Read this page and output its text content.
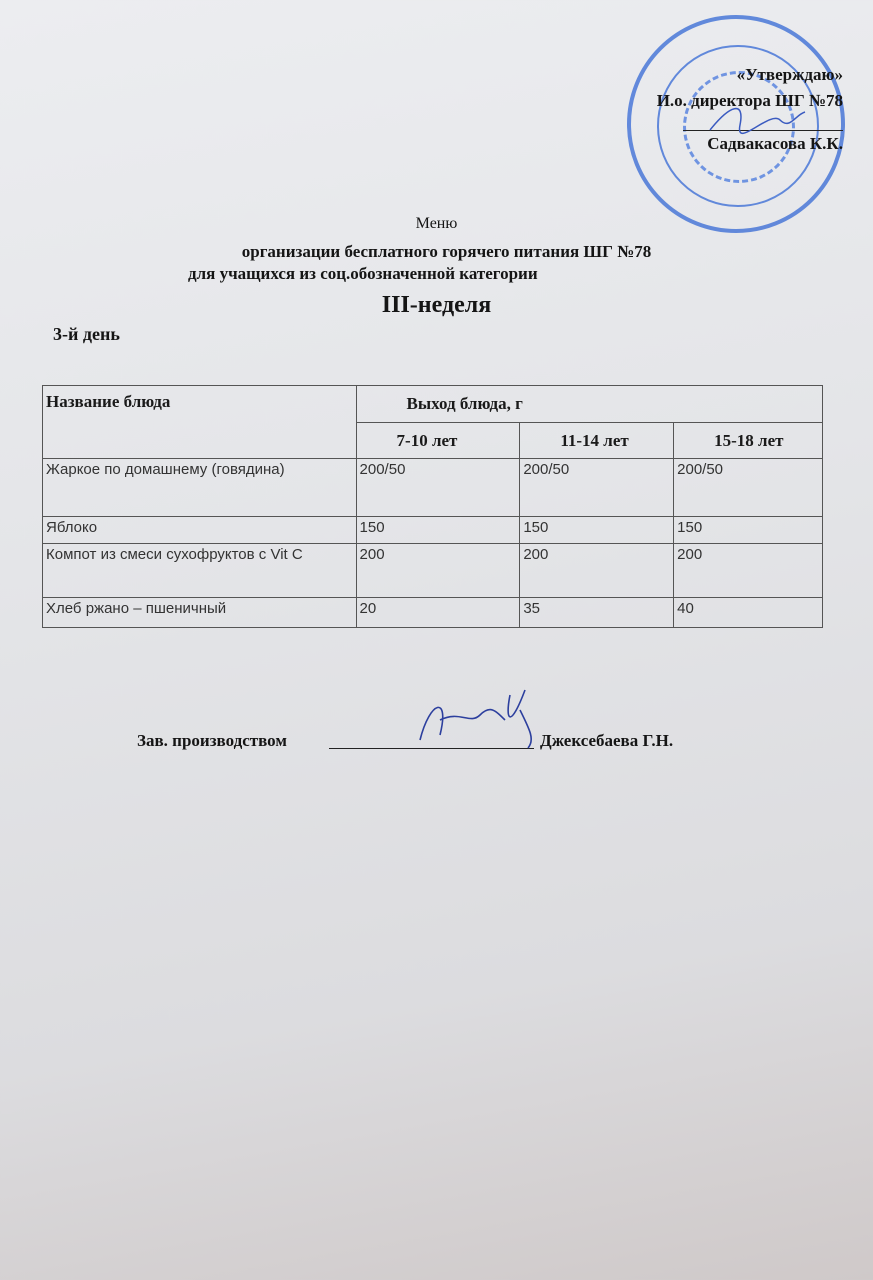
«Утверждаю»
И.о. директора ШГ №78
Садвакасова К.К.
Меню
организации бесплатного горячего питания ШГ №78
для учащихся из соц.обозначенной категории
III-неделя
3-й день
Название блюда	Выход блюда, г		
	7-10 лет	11-14 лет	15-18 лет
Жаркое по домашнему (говядина)	200/50	200/50	200/50
Яблоко	150	150	150
Компот из смеси сухофруктов с Vit C	200	200	200
Хлеб ржано – пшеничный	20	35	40
Зав. производством	Джексебаева Г.Н.
